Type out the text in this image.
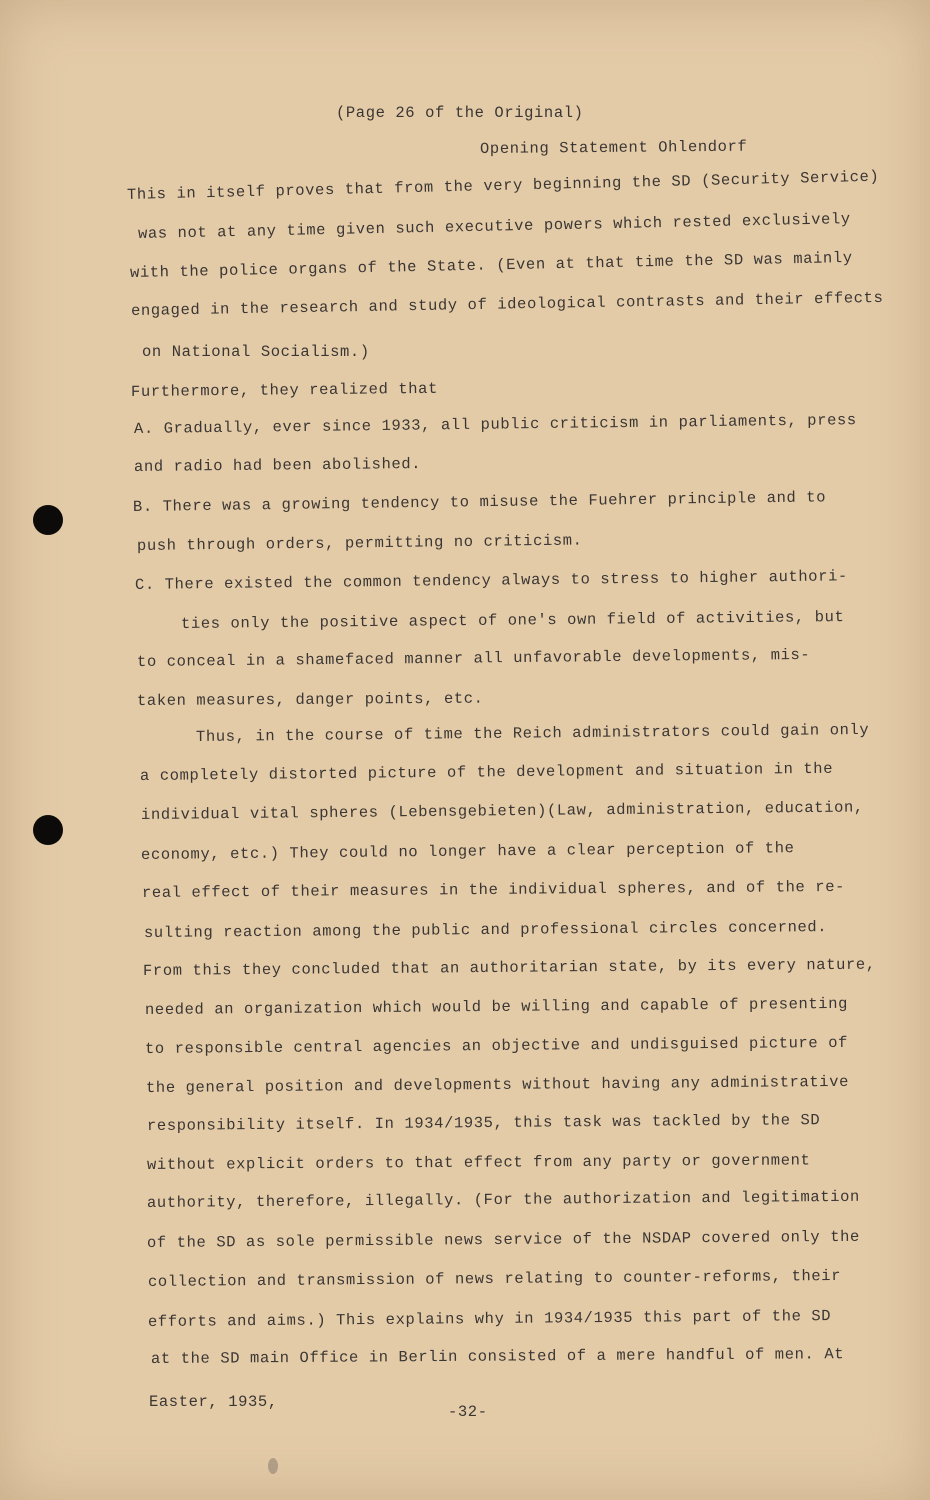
(Page 26 of the Original)
Opening Statement Ohlendorf
This in itself proves that from the very beginning the SD (Security Service)
was not at any time given such executive powers which rested exclusively
with the police organs of the State. (Even at that time the SD was mainly
engaged in the research and study of ideological contrasts and their effects
on National Socialism.)
Furthermore, they realized that
A. Gradually, ever since 1933, all public criticism in parliaments, press
and radio had been abolished.
B. There was a growing tendency to misuse the Fuehrer principle and to
push through orders, permitting no criticism.
C. There existed the common tendency always to stress to higher authori-
ties only the positive aspect of one's own field of activities, but
to conceal in a shamefaced manner all unfavorable developments, mis-
taken measures, danger points, etc.
Thus, in the course of time the Reich administrators could gain only
a completely distorted picture of the development and situation in the
individual vital spheres (Lebensgebieten)(Law, administration, education,
economy, etc.) They could no longer have a clear perception of the
real effect of their measures in the individual spheres, and of the re-
sulting reaction among the public and professional circles concerned.
From this they concluded that an authoritarian state, by its every nature,
needed an organization which would be willing and capable of presenting
to responsible central agencies an objective and undisguised picture of
the general position and developments without having any administrative
responsibility itself. In 1934/1935, this task was tackled by the SD
without explicit orders to that effect from any party or government
authority, therefore, illegally. (For the authorization and legitimation
of the SD as sole permissible news service of the NSDAP covered only the
collection and transmission of news relating to counter-reforms, their
efforts and aims.) This explains why in 1934/1935 this part of the SD
at the SD main Office in Berlin consisted of a mere handful of men. At
Easter, 1935,
-32-
